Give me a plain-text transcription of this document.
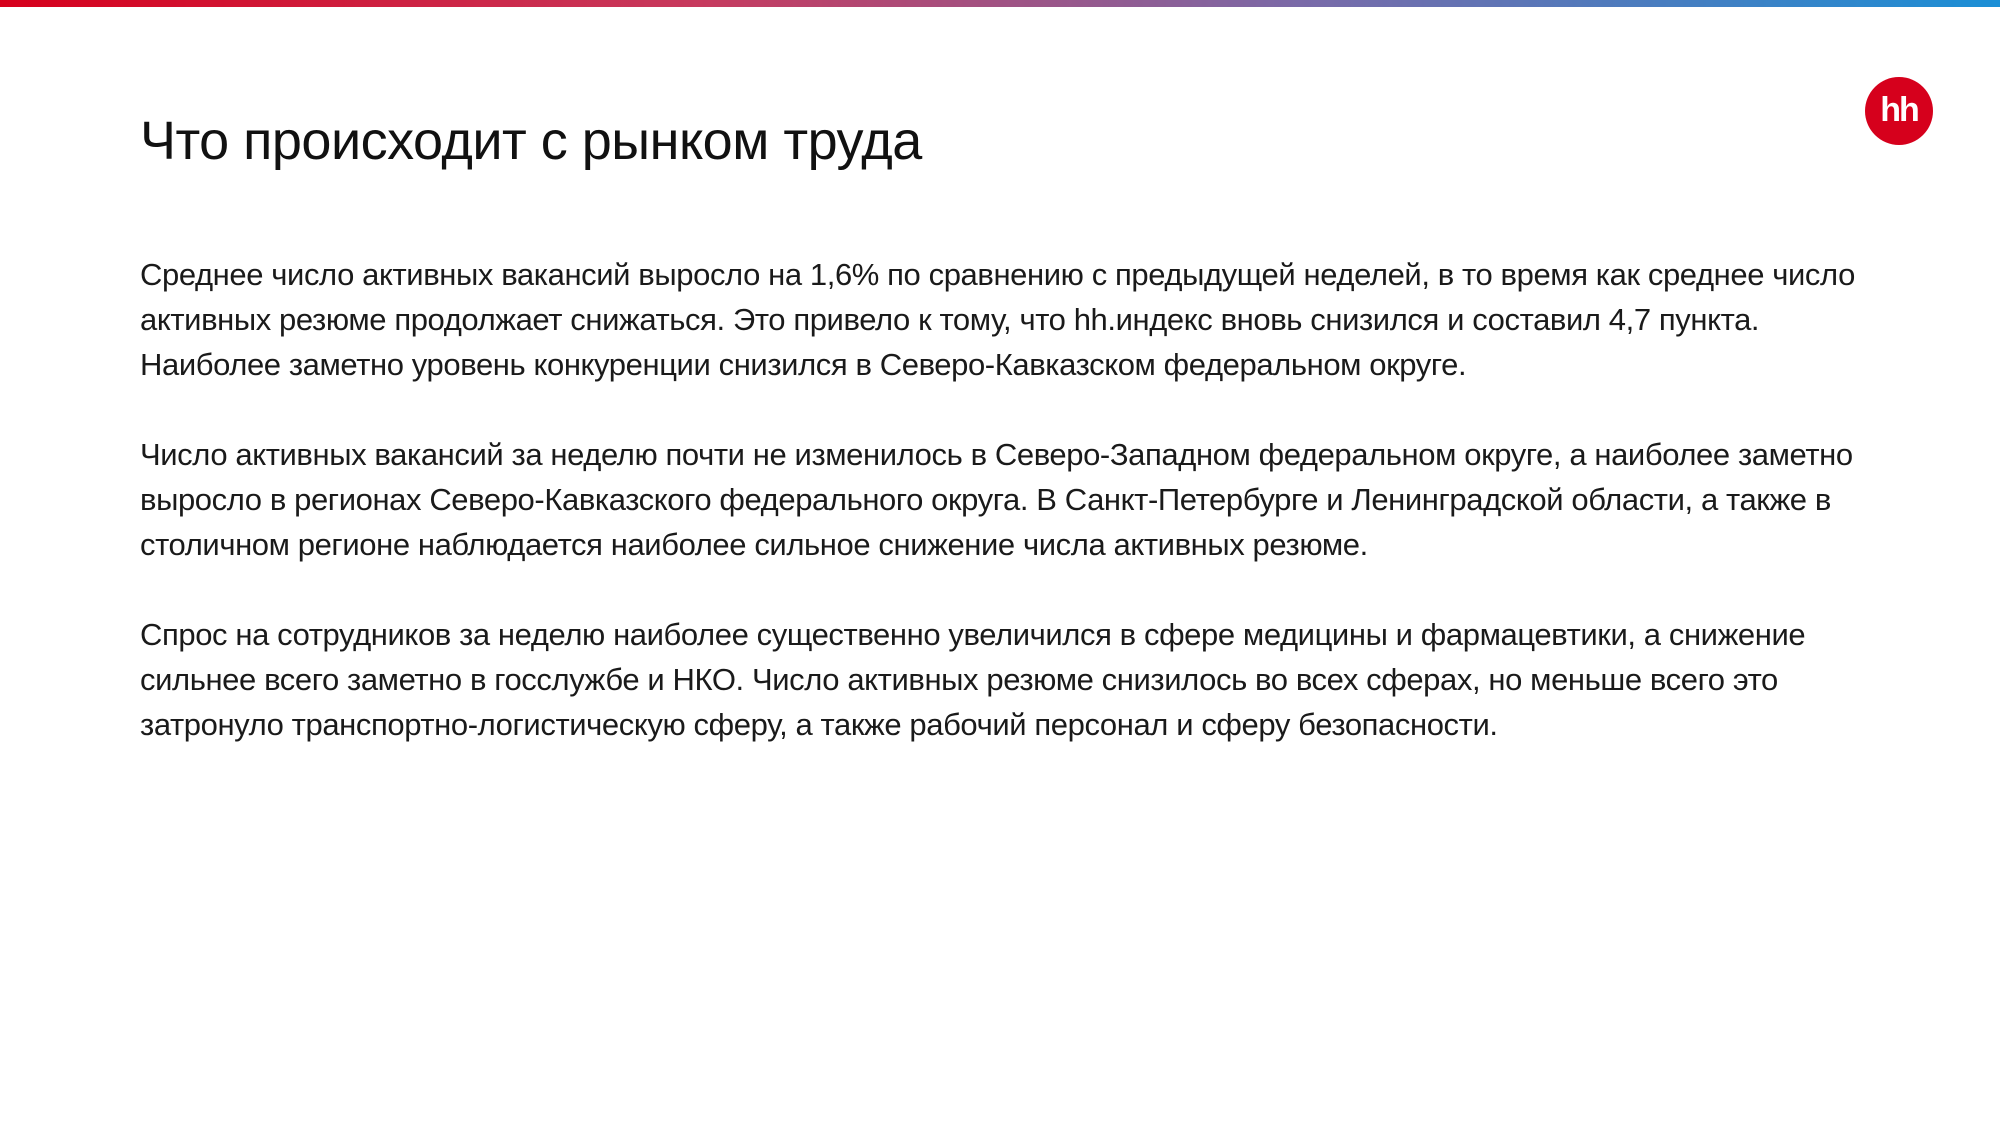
hh
Что происходит с рынком труда

Среднее число активных вакансий выросло на 1,6% по сравнению с предыдущей неделей, в то время как среднее число активных резюме продолжает снижаться. Это привело к тому, что hh.индекс вновь снизился и составил 4,7 пункта. Наиболее заметно уровень конкуренции снизился в Северо-Кавказском федеральном округе.

Число активных вакансий за неделю почти не изменилось в Северо-Западном федеральном округе, а наиболее заметно выросло в регионах Северо-Кавказского федерального округа. В Санкт-Петербурге и Ленинградской области, а также в столичном регионе наблюдается наиболее сильное снижение числа активных резюме.

Спрос на сотрудников за неделю наиболее существенно увеличился в сфере медицины и фармацевтики, а снижение сильнее всего заметно в госслужбе и НКО. Число активных резюме снизилось во всех сферах, но меньше всего это затронуло транспортно-логистическую сферу, а также рабочий персонал и сферу безопасности.
